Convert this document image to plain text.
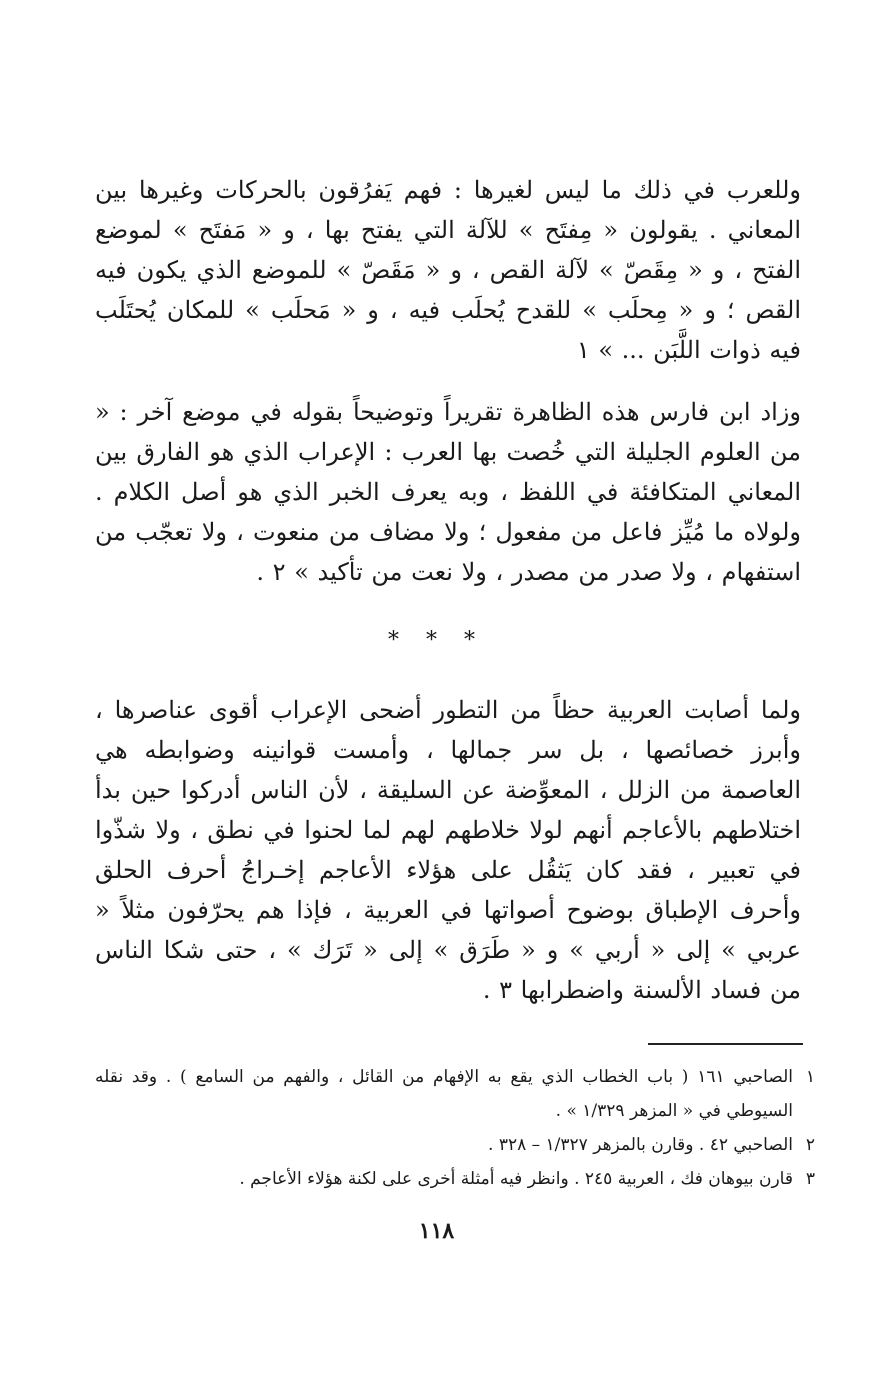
وللعرب في ذلك ما ليس لغيرها : فهم يَفرُقون بالحركات وغيرها بين المعاني . يقولون « مِفتَح » للآلة التي يفتح بها ، و « مَفتَح » لموضع الفتح ، و « مِقَصّ » لآلة القص ، و « مَقَصّ » للموضع الذي يكون فيه القص ؛ و « مِحلَب » للقدح يُحلَب فيه ، و « مَحلَب » للمكان يُحتَلَب فيه ذوات اللَّبَن ... » ١

وزاد ابن فارس هذه الظاهرة تقريراً وتوضيحاً بقوله في موضع آخر : « من العلوم الجليلة التي خُصت بها العرب : الإعراب الذي هو الفارق بين المعاني المتكافئة في اللفظ ، وبه يعرف الخبر الذي هو أصل الكلام . ولولاه ما مُيِّز فاعل من مفعول ؛ ولا مضاف من منعوت ، ولا تعجّب من استفهام ، ولا صدر من مصدر ، ولا نعت من تأكيد » ٢ .

* * *

ولما أصابت العربية حظاً من التطور أضحى الإعراب أقوى عناصرها ، وأبرز خصائصها ، بل سر جمالها ، وأمست قوانينه وضوابطه هي العاصمة من الزلل ، المعوِّضة عن السليقة ، لأن الناس أدركوا حين بدأ اختلاطهم بالأعاجم أنهم لولا خلاطهم لهم لما لحنوا في نطق ، ولا شذّوا في تعبير ، فقد كان يَثقُل على هؤلاء الأعاجم إخـراجُ أحرف الحلق وأحرف الإطباق بوضوح أصواتها في العربية ، فإذا هم يحرّفون مثلاً « عربي » إلى « أربي » و « طَرَق » إلى « تَرَك » ، حتى شكا الناس من فساد الألسنة واضطرابها ٣ .

١
الصاحبي ١٦١ ( باب الخطاب الذي يقع به الإفهام من القائل ، والفهم من السامع ) . وقد نقله السيوطي في « المزهر ١/٣٢٩ » .
٢
الصاحبي ٤٢ . وقارن بالمزهر ١/٣٢٧ – ٣٢٨ .
٣
قارن بيوهان فك ، العربية ٢٤٥ . وانظر فيه أمثلة أخرى على لكنة هؤلاء الأعاجم .
١١٨
